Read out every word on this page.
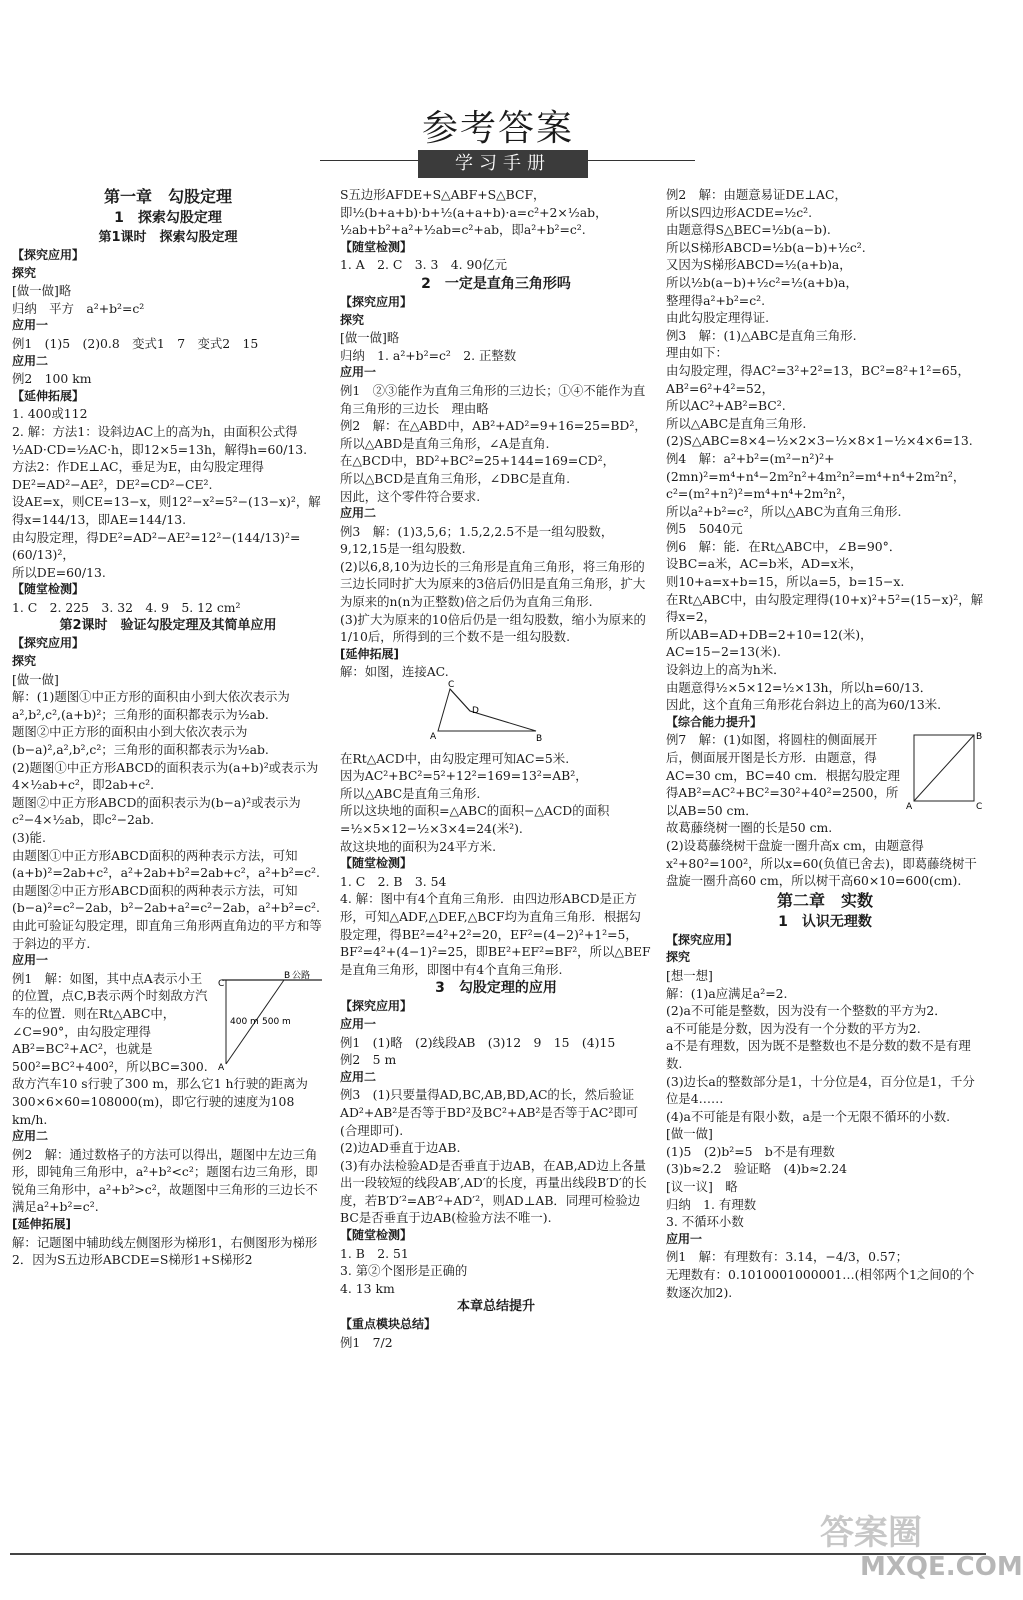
参考答案
学习手册

第一章　勾股定理

1　探索勾股定理

第1课时　探索勾股定理

【探究应用】

探究

[做一做]略

归纳　平方　a²+b²=c²

应用一

例1　(1)5　(2)0.8　变式1　7　变式2　15

应用二

例2　100 km

【延伸拓展】

1. 400或112

2. 解：方法1：设斜边AC上的高为h，由面积公式得½AD·CD=½AC·h，即12×5=13h，解得h=60/13.

方法2：作DE⊥AC，垂足为E，由勾股定理得DE²=AD²−AE²，DE²=CD²−CE².

设AE=x，则CE=13−x，则12²−x²=5²−(13−x)²，解得x=144/13，即AE=144/13.

由勾股定理，得DE²=AD²−AE²=12²−(144/13)²=(60/13)²，

所以DE=60/13.

【随堂检测】

1. C　2. 225　3. 32　4. 9　5. 12 cm²

第2课时　验证勾股定理及其简单应用

【探究应用】

探究

[做一做]

解：(1)题图①中正方形的面积由小到大依次表示为a²,b²,c²,(a+b)²；三角形的面积都表示为½ab.

题图②中正方形的面积由小到大依次表示为(b−a)²,a²,b²,c²；三角形的面积都表示为½ab.

(2)题图①中正方形ABCD的面积表示为(a+b)²或表示为4×½ab+c²，即2ab+c².

题图②中正方形ABCD的面积表示为(b−a)²或表示为c²−4×½ab，即c²−2ab.

(3)能.

由题图①中正方形ABCD面积的两种表示方法，可知(a+b)²=2ab+c²，a²+2ab+b²=2ab+c²，a²+b²=c².

由题图②中正方形ABCD面积的两种表示方法，可知(b−a)²=c²−2ab，b²−2ab+a²=c²−2ab，a²+b²=c².

由此可验证勾股定理，即直角三角形两直角边的平方和等于斜边的平方.

应用一

C
B 公路
400 m 500 m
A

例1　解：如图，其中点A表示小王的位置，点C,B表示两个时刻敌方汽车的位置．则在Rt△ABC中，∠C=90°，由勾股定理得AB²=BC²+AC²，也就是500²=BC²+400²，所以BC=300.

敌方汽车10 s行驶了300 m，那么它1 h行驶的距离为300×6×60=108000(m)，即它行驶的速度为108 km/h.

应用二

例2　解：通过数格子的方法可以得出，题图中左边三角形，即钝角三角形中，a²+b²<c²；题图右边三角形，即锐角三角形中，a²+b²>c²，故题图中三角形的三边长不满足a²+b²=c².

[延伸拓展]

解：记题图中辅助线左侧图形为梯形1，右侧图形为梯形2．因为S五边形ABCDE=S梯形1+S梯形2

S五边形AFDE+S△ABF+S△BCF，

即½(b+a+b)·b+½(a+a+b)·a=c²+2×½ab，½ab+b²+a²+½ab=c²+ab，即a²+b²=c².

【随堂检测】

1. A　2. C　3. 3　4. 90亿元

2　一定是直角三角形吗

【探究应用】

探究

[做一做]略

归纳　1. a²+b²=c²　2. 正整数

应用一

例1　②③能作为直角三角形的三边长；①④不能作为直角三角形的三边长　理由略

例2　解：在△ABD中，AB²+AD²=9+16=25=BD²，

所以△ABD是直角三角形，∠A是直角.

在△BCD中，BD²+BC²=25+144=169=CD²，

所以△BCD是直角三角形，∠DBC是直角.

因此，这个零件符合要求.

应用二

例3　解：(1)3,5,6；1.5,2,2.5不是一组勾股数，9,12,15是一组勾股数.

(2)以6,8,10为边长的三角形是直角三角形，将三角形的三边长同时扩大为原来的3倍后仍旧是直角三角形，扩大为原来的n(n为正整数)倍之后仍为直角三角形.

(3)扩大为原来的10倍后仍是一组勾股数，缩小为原来的1/10后，所得到的三个数不是一组勾股数.

[延伸拓展]

解：如图，连接AC.

C
D
A	B

在Rt△ACD中，由勾股定理可知AC=5米.

因为AC²+BC²=5²+12²=169=13²=AB²，

所以△ABC是直角三角形.

所以这块地的面积=△ABC的面积−△ACD的面积=½×5×12−½×3×4=24(米²).

故这块地的面积为24平方米.

【随堂检测】

1. C　2. B　3. 54

4. 解：图中有4个直角三角形．由四边形ABCD是正方形，可知△ADF,△DEF,△BCF均为直角三角形．根据勾股定理，得BE²=4²+2²=20，EF²=(4−2)²+1²=5，BF²=4²+(4−1)²=25，即BE²+EF²=BF²，所以△BEF是直角三角形，即图中有4个直角三角形.

3　勾股定理的应用

【探究应用】

应用一

例1　(1)略　(2)线段AB　(3)12　9　15　(4)15

例2　5 m

应用二

例3　(1)只要量得AD,BC,AB,BD,AC的长，然后验证AD²+AB²是否等于BD²及BC²+AB²是否等于AC²即可(合理即可).

(2)边AD垂直于边AB.

(3)有办法检验AD是否垂直于边AB，在AB,AD边上各量出一段较短的线段AB′,AD′的长度，再量出线段B′D′的长度，若B′D′²=AB′²+AD′²，则AD⊥AB．同理可检验边BC是否垂直于边AB(检验方法不唯一).

【随堂检测】

1. B　2. 51

3. 第②个图形是正确的

4. 13 km

本章总结提升

【重点模块总结】

例1　7/2

例2　解：由题意易证DE⊥AC，

所以S四边形ACDE=½c².

由题意得S△BEC=½b(a−b).

所以S梯形ABCD=½b(a−b)+½c².

又因为S梯形ABCD=½(a+b)a，

所以½b(a−b)+½c²=½(a+b)a，

整理得a²+b²=c².

由此勾股定理得证.

例3　解：(1)△ABC是直角三角形.

理由如下：

由勾股定理，得AC²=3²+2²=13，BC²=8²+1²=65，AB²=6²+4²=52，

所以AC²+AB²=BC².

所以△ABC是直角三角形.

(2)S△ABC=8×4−½×2×3−½×8×1−½×4×6=13.

例4　解：a²+b²=(m²−n²)²+(2mn)²=m⁴+n⁴−2m²n²+4m²n²=m⁴+n⁴+2m²n²，

c²=(m²+n²)²=m⁴+n⁴+2m²n²，

所以a²+b²=c²，所以△ABC为直角三角形.

例5　5040元

例6　解：能．在Rt△ABC中，∠B=90°．

设BC=a米，AC=b米，AD=x米，

则10+a=x+b=15，所以a=5，b=15−x.

在Rt△ABC中，由勾股定理得(10+x)²+5²=(15−x)²，解得x=2，

所以AB=AD+DB=2+10=12(米)，AC=15−2=13(米).

设斜边上的高为h米．

由题意得½×5×12=½×13h，所以h=60/13．

因此，这个直角三角形花台斜边上的高为60/13米.

【综合能力提升】

A	C
B

例7　解：(1)如图，将圆柱的侧面展开后，侧面展开图是长方形．由题意，得AC=30 cm，BC=40 cm．根据勾股定理得AB²=AC²+BC²=30²+40²=2500，所以AB=50 cm．

故葛藤绕树一圈的长是50 cm.

(2)设葛藤绕树干盘旋一圈升高x cm，由题意得x²+80²=100²，所以x=60(负值已舍去)，即葛藤绕树干盘旋一圈升高60 cm，所以树干高60×10=600(cm).

第二章　实数

1　认识无理数

【探究应用】

探究

[想一想]

解：(1)a应满足a²=2.

(2)a不可能是整数，因为没有一个整数的平方为2．

a不可能是分数，因为没有一个分数的平方为2.

a不是有理数，因为既不是整数也不是分数的数不是有理数.

(3)边长a的整数部分是1，十分位是4，百分位是1，千分位是4……

(4)a不可能是有限小数，a是一个无限不循环的小数.

[做一做]

(1)5　(2)b²=5　b不是有理数

(3)b≈2.2　验证略　(4)b≈2.24

[议一议]　略

归纳　1. 有理数

3. 不循环小数

应用一

例1　解：有理数有：3.14，−4/3，0.57̇；

无理数有：0.1010001000001…(相邻两个1之间0的个数逐次加2).

答案圈
MXQE.COM
